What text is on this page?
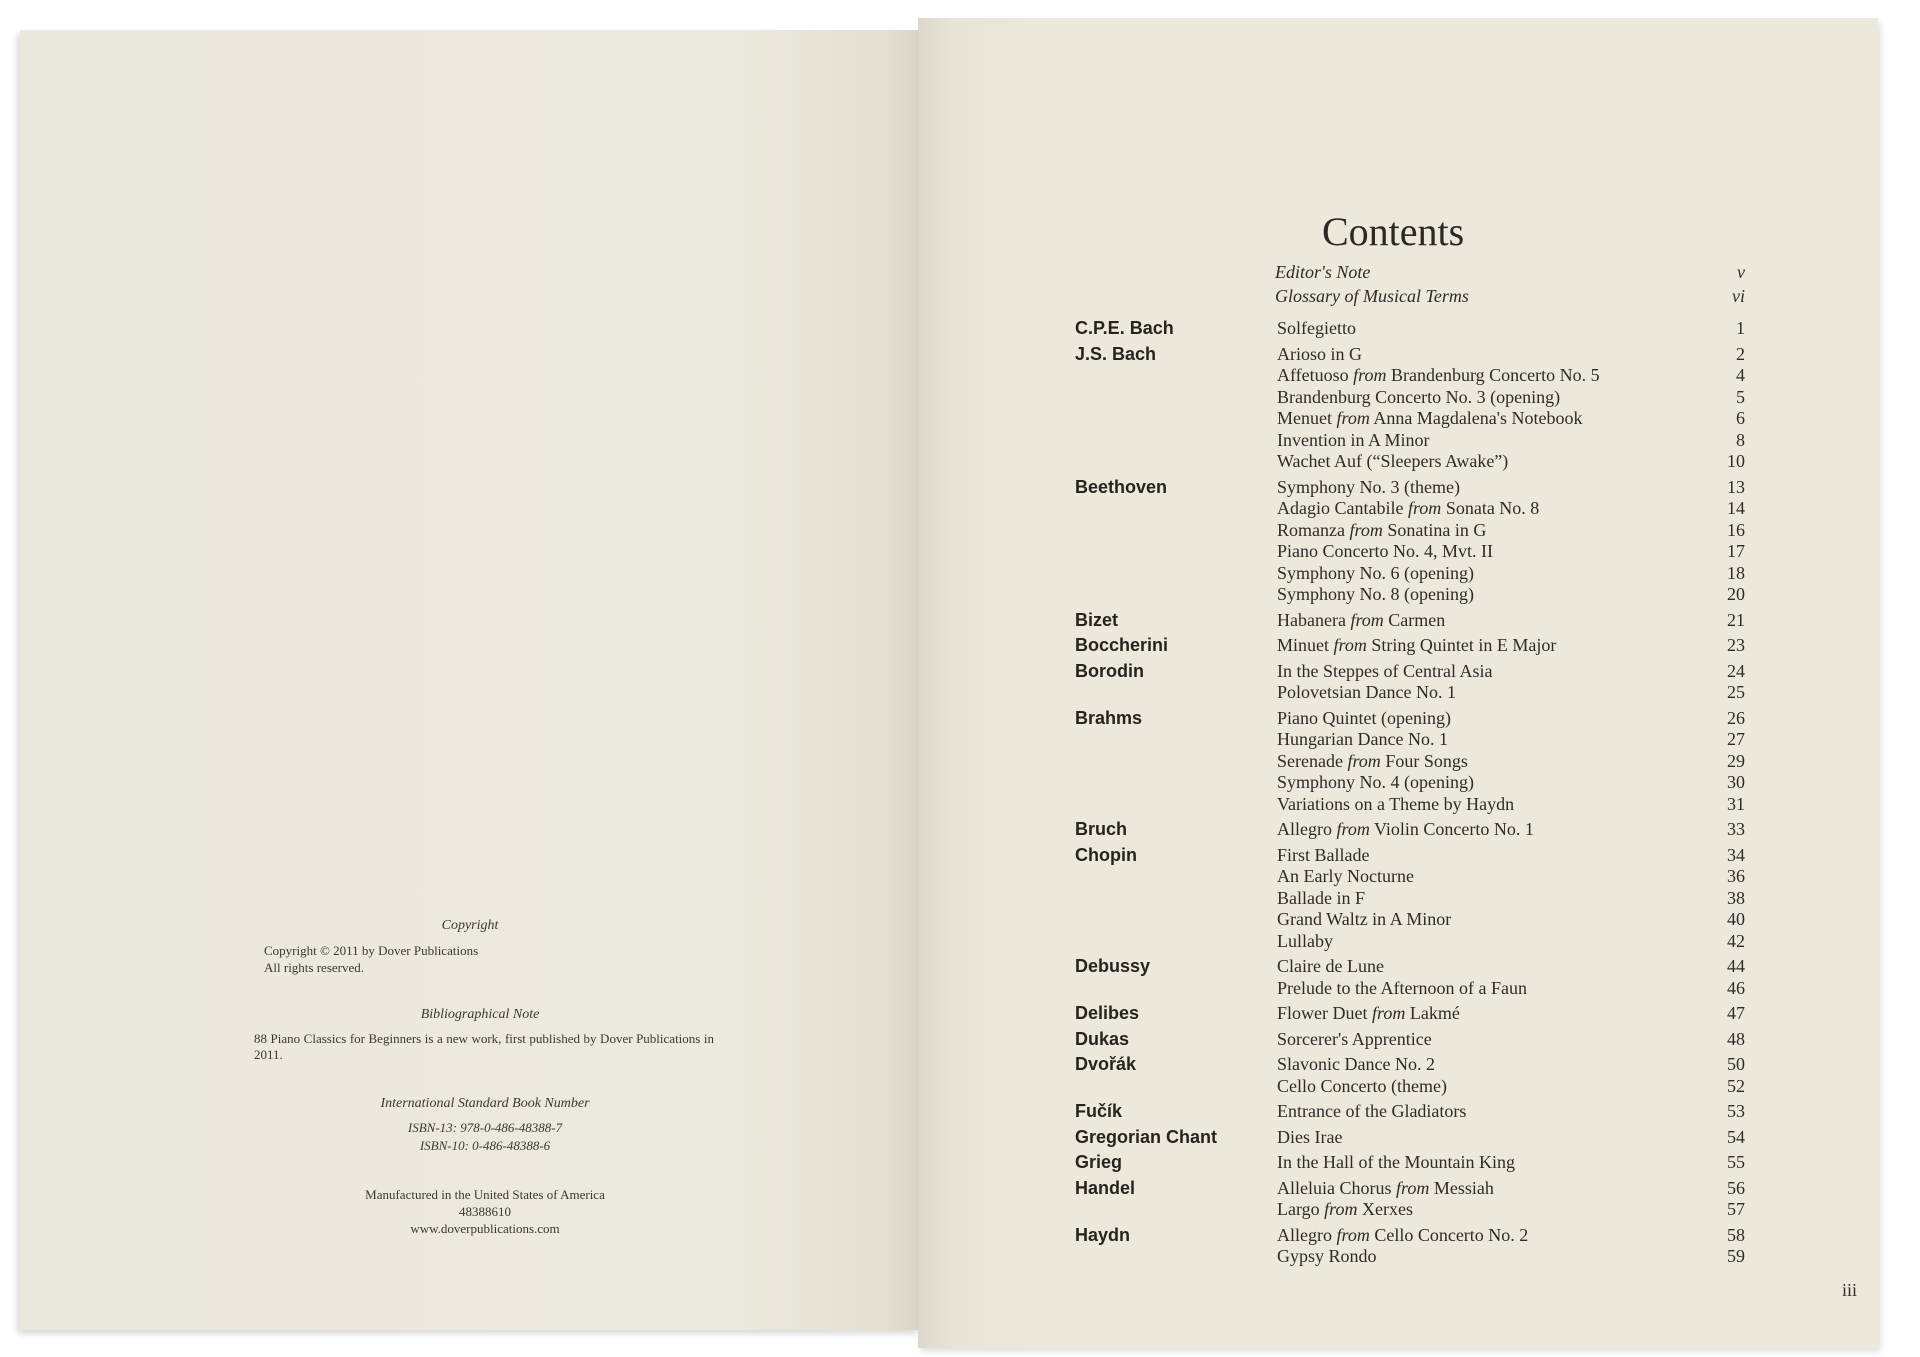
Copyright
Copyright © 2011 by Dover Publications
All rights reserved.
Bibliographical Note
88 Piano Classics for Beginners is a new work, first published by Dover Publications in 2011.
International Standard Book Number
ISBN-13: 978-0-486-48388-7
ISBN-10: 0-486-48388-6
Manufactured in the United States of America
48388610
www.doverpublications.com
Contents
Editor's Note	v
Glossary of Musical Terms	vi
C.P.E. Bach	Solfegietto	1
J.S. Bach	Arioso in G	2
Affetuoso from Brandenburg Concerto No. 5	4
Brandenburg Concerto No. 3 (opening)	5
Menuet from Anna Magdalena's Notebook	6
Invention in A Minor	8
Wachet Auf (“Sleepers Awake”)	10
Beethoven	Symphony No. 3 (theme)	13
Adagio Cantabile from Sonata No. 8	14
Romanza from Sonatina in G	16
Piano Concerto No. 4, Mvt. II	17
Symphony No. 6 (opening)	18
Symphony No. 8 (opening)	20
Bizet	Habanera from Carmen	21
Boccherini	Minuet from String Quintet in E Major	23
Borodin	In the Steppes of Central Asia	24
Polovetsian Dance No. 1	25
Brahms	Piano Quintet (opening)	26
Hungarian Dance No. 1	27
Serenade from Four Songs	29
Symphony No. 4 (opening)	30
Variations on a Theme by Haydn	31
Bruch	Allegro from Violin Concerto No. 1	33
Chopin	First Ballade	34
An Early Nocturne	36
Ballade in F	38
Grand Waltz in A Minor	40
Lullaby	42
Debussy	Claire de Lune	44
Prelude to the Afternoon of a Faun	46
Delibes	Flower Duet from Lakmé	47
Dukas	Sorcerer's Apprentice	48
Dvořák	Slavonic Dance No. 2	50
Cello Concerto (theme)	52
Fučík	Entrance of the Gladiators	53
Gregorian Chant	Dies Irae	54
Grieg	In the Hall of the Mountain King	55
Handel	Alleluia Chorus from Messiah	56
Largo from Xerxes	57
Haydn	Allegro from Cello Concerto No. 2	58
Gypsy Rondo	59
iii
